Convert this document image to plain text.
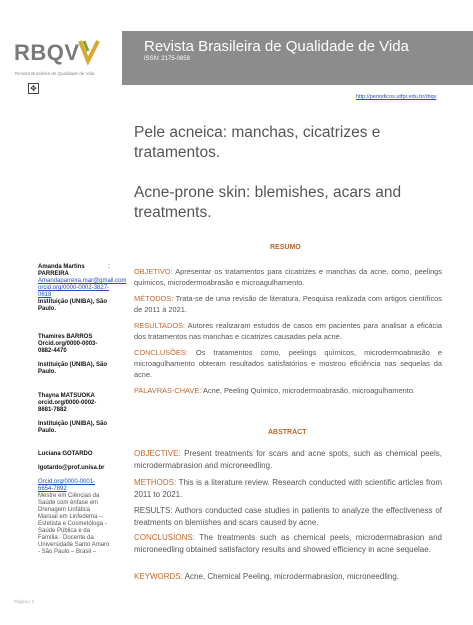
RBQV
Revista Brasileira de Qualidade de Vida
Revista Brasileira de Qualidade de Vida
ISSN: 2175-0858
✥
http://periodicos.utfpr.edu.br/rbqv
Pele acneica: manchas, cicatrizes e tratamentos.
Acne-prone skin: blemishes, acars and treatments.
RESUMO
OBJETIVO: Apresentar os tratamentos para cicatrizes e manchas da acne, como, peelings químicos, microdermoabrasão e microagulhamento.
MÉTODOS: Trata-se de uma revisão de literatura. Pesquisa realizada com artigos científicos de 2011 à 2021.
RESULTADOS: Autores realizaram estudos de casos em pacientes para analisar a eficácia dos tratamentos nas manchas e cicatrizes causadas pela acne.
CONCLUSÕES: Os tratamentos como, peelings químicos, microdermoabrasão e microagulhamento obteram resultados satisfatórios e mostrou eficiência nas sequelas da acne.
PALAVRAS-CHAVE: Acne, Peeling Químico, microdermoabrasão, microagulhamento.
ABSTRACT
OBJECTIVE: Present treatments for scars and acne spots, such as chemical peels, microdermabrasion and microneedling.
METHODS: This is a literature review. Research conducted with scientific articles from 2011 to 2021.
RESULTS: Authors conducted case studies in patients to analyze the effectiveness of treatments on blemishes and scars caused by acne.
CONCLUSIONS: The treatments such as chemical peels, microdermabrasion and microneedling obtained satisfactory results and showed efficiency in acne sequelae.
KEYWORDS: Acne, Chemical Peeling, microdermabrasion, microneedling.
Amanda Martins PARREIRA
Amandaparreira.mar@gmail.com
orcid.org/0000-0002-3827-0618
Instituição (UNIBA), São Paulo.
:
Thamires BARROS
Orcid.org/0000-0003-0882-4470

Instituição (UNIBA), São Paulo.
Thayna MATSUOKA
orcid.org/0000-0002-8681-7882

Instituição (UNIBA), São Paulo.
Luciana GOTARDO

lgotardo@prof.unisa.br

Orcid.org/0000-0001-6654-7892
Mestre em Ciências da Saúde com ênfase em Drenagem Linfática Manual em Linfedema – Estetista e Cosmetóloga - Saúde Pública e da Família - Docente da Universidade Santo Amaro - São Paulo – Brasil –
Página | 1
